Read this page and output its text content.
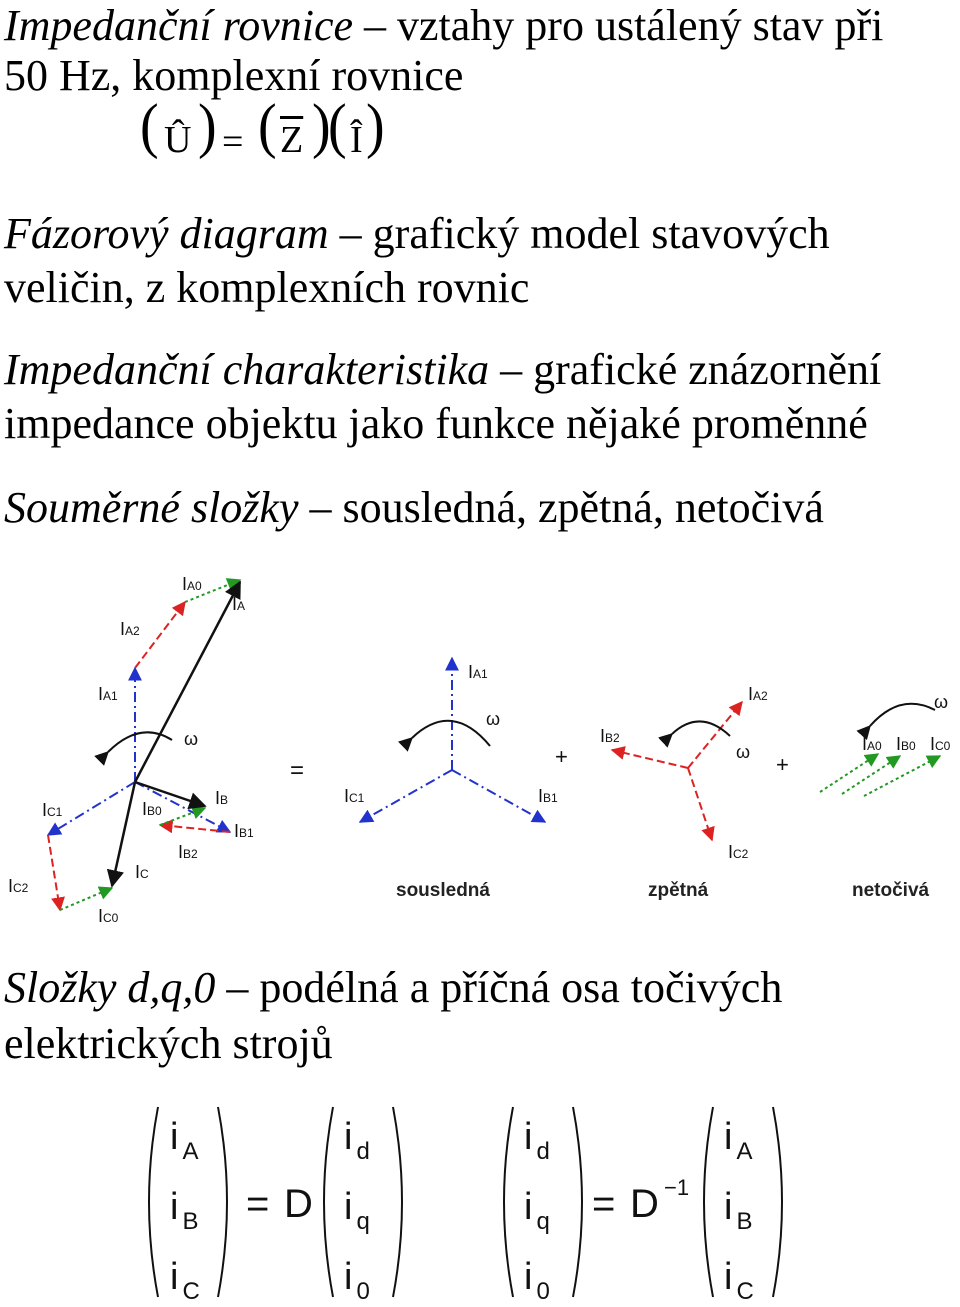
Impedanční rovnice – vztahy pro ustálený stav při
50 Hz, komplexní rovnice
( Û ) = ( $\overline{Z}$ )
( Î )
Fázorový diagram – grafický model stavových
veličin, z komplexních rovnic
Impedanční charakteristika – grafické znázornění
impedance objektu jako funkce nějaké proměnné
Souměrné složky – sousledná, zpětná, netočivá
IA0
IA
IA2
IA1
ω
IC1	IB0
IB
IB1
IB2
IC
IC2
IC0
=
IA1
ω
IC1	IB1
sousledná
+
IA2
IB2
ω
IC2
zpětná
+
ω
IA0 IB0 IC0
netočivá
Složky d,q,0 – podélná a příčná osa točivých
elektrických strojů
i $_A$
i $_B$
i $_C$
= D
i $_d$
i $_q$
i $_0$
i $_d$
i $_q$
i $_0$
= D −1
i $_A$
i $_B$
i $_C$
